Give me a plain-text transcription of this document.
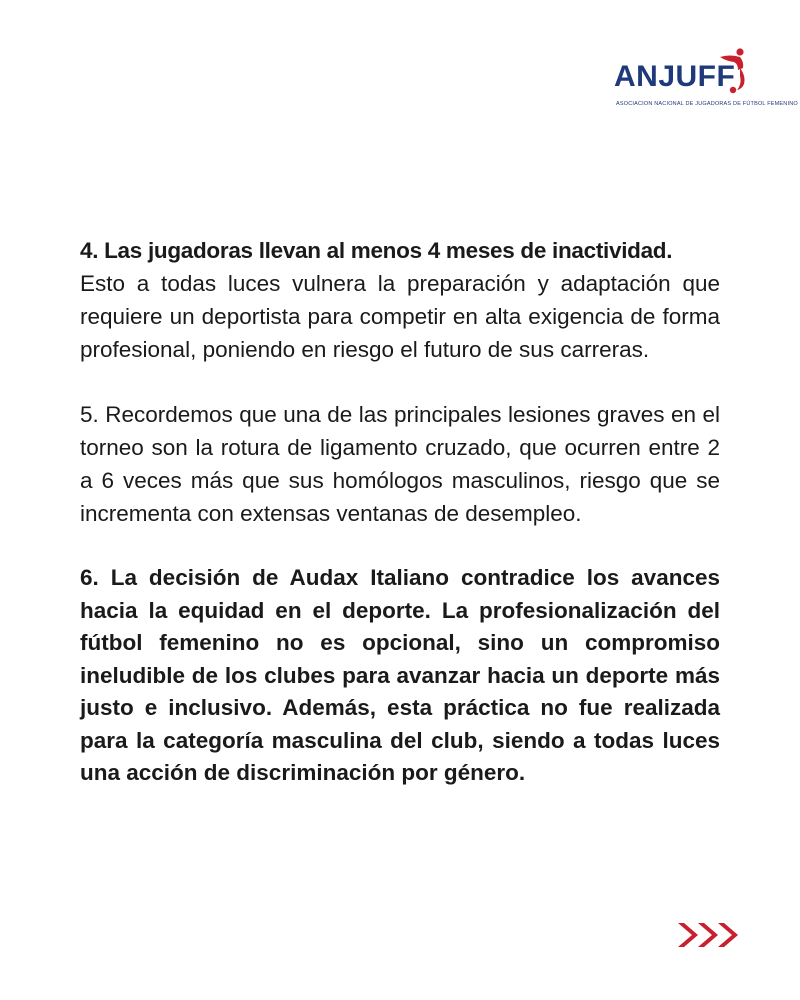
ANJUFF
ASOCIACION NACIONAL DE JUGADORAS DE FÚTBOL FEMENINO

4. Las jugadoras llevan al menos 4 meses de inactividad.
Esto a todas luces vulnera la preparación y adaptación que requiere un deportista para competir en alta exigencia de forma profesional, poniendo en riesgo el futuro de sus carreras.

5. Recordemos que una de las principales lesiones graves en el torneo son la rotura de ligamento cruzado, que ocurren entre 2 a 6 veces más que sus homólogos masculinos, riesgo que se incrementa con extensas ventanas de desempleo.

6. La decisión de Audax Italiano contradice los avances hacia la equidad en el deporte. La profesionalización del fútbol femenino no es opcional, sino un compromiso ineludible de los clubes para avanzar hacia un deporte más justo e inclusivo. Además, esta práctica no fue realizada para la categoría masculina del club, siendo a todas luces una acción de discriminación por género.
